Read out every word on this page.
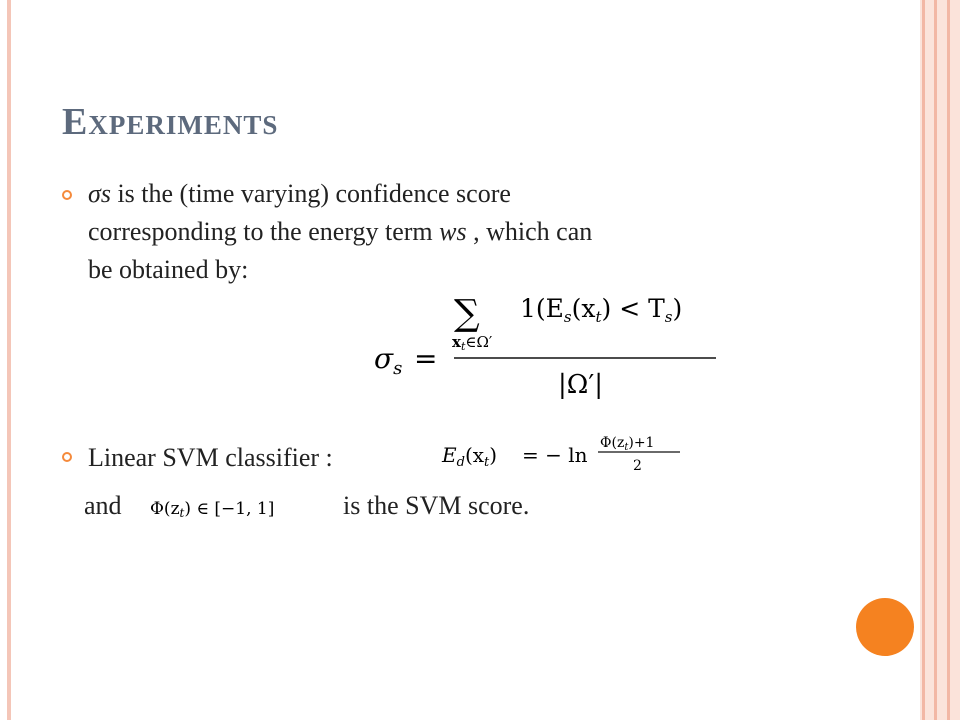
Experiments
σs is the (time varying) confidence score
corresponding to the energy term ws , which can
be obtained by:
$\sigma_s$ =
∑
$x_t\in\Omega'$
$1(E_s(x_t) < T_s)$
|Ω′|
Linear SVM classifier :	$E_d(x_t)$ = − $\ln \Phi(z_t)+1$
2
and Φ(zt) ∈ [−1, 1]	is the SVM score.
